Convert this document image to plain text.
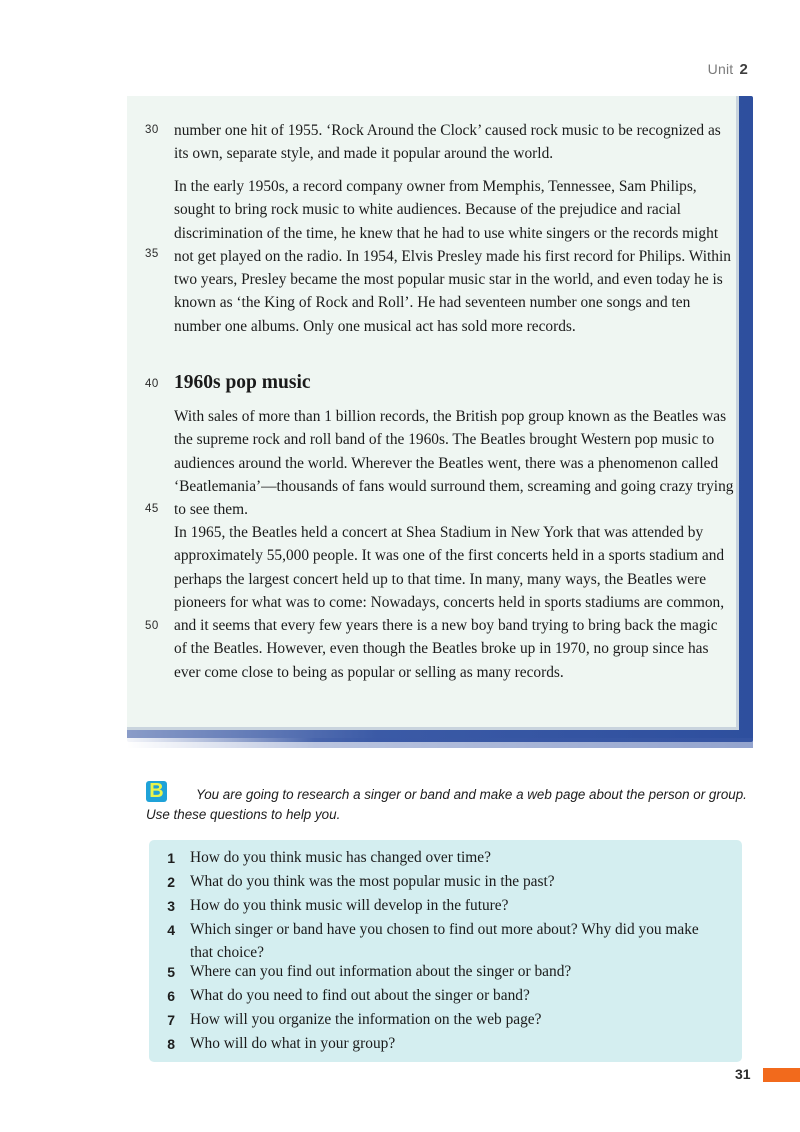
Unit 2

number one hit of 1955. ‘Rock Around the Clock’ caused rock music to be recognized as its own, separate style, and made it popular around the world.

In the early 1950s, a record company owner from Memphis, Tennessee, Sam Philips, sought to bring rock music to white audiences. Because of the prejudice and racial discrimination of the time, he knew that he had to use white singers or the records might not get played on the radio. In 1954, Elvis Presley made his first record for Philips. Within two years, Presley became the most popular music star in the world, and even today he is known as ‘the King of Rock and Roll’. He had seventeen number one songs and ten number one albums. Only one musical act has sold more records.

1960s pop music

With sales of more than 1 billion records, the British pop group known as the Beatles was the supreme rock and roll band of the 1960s. The Beatles brought Western pop music to audiences around the world. Wherever the Beatles went, there was a phenomenon called ‘Beatlemania’—thousands of fans would surround them, screaming and going crazy trying to see them.

In 1965, the Beatles held a concert at Shea Stadium in New York that was attended by approximately 55,000 people. It was one of the first concerts held in a sports stadium and perhaps the largest concert held up to that time. In many, many ways, the Beatles were pioneers for what was to come: Nowadays, concerts held in sports stadiums are common, and it seems that every few years there is a new boy band trying to bring back the magic of the Beatles. However, even though the Beatles broke up in 1970, no group since has ever come close to being as popular or selling as many records.

30
35
40
45
50
B	You are going to research a singer or band and make a web page about the person or group. Use these questions to help you.

1 How do you think music has changed over time?
2 What do you think was the most popular music in the past?
3 How do you think music will develop in the future?
4 Which singer or band have you chosen to find out more about? Why did you make that choice?
5 Where can you find out information about the singer or band?
6 What do you need to find out about the singer or band?
7 How will you organize the information on the web page?
8 Who will do what in your group?
31
